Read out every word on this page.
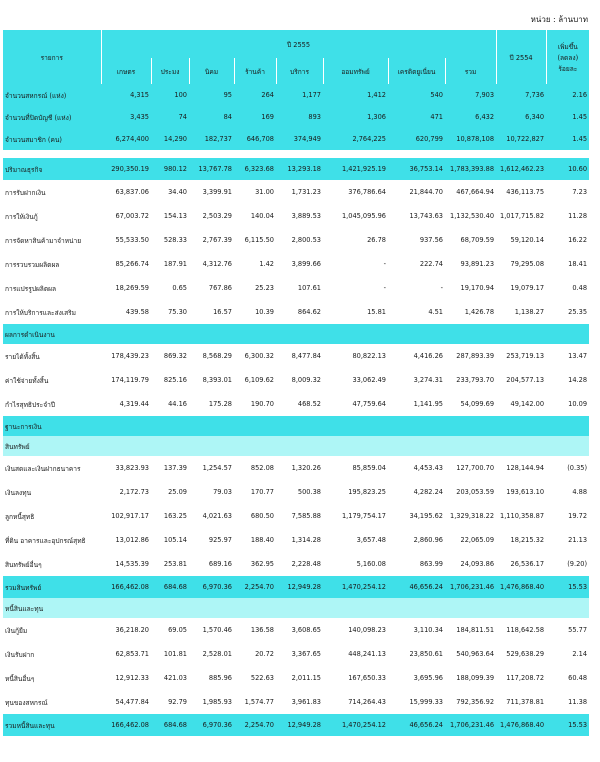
หน่วย : ล้านบาท
รายการ	ปี 2555								ปี 2554	เพิ่มขึ้น
(ลดลง)
ร้อยละ

	เกษตร	ประมง	นิคม	ร้านค้า	บริการ	ออมทรัพย์	เครดิตยูเนี่ยน	รวม		
จำนวนสหกรณ์ (แห่ง)	4,315	100	95	264	1,177	1,412	540	7,903	7,736	2.16
จำนวนที่ปิดบัญชี (แห่ง)	3,435	74	84	169	893	1,306	471	6,432	6,340	1.45
จำนวนสมาชิก (คน)	6,274,400	14,290	182,737	646,708	374,949	2,764,225	620,799	10,878,108	10,722,827	1.45

ปริมาณธุรกิจ	290,350.19	980.12	13,767.78	6,323.68	13,293.18	1,421,925.19	36,753.14	1,783,393.88	1,612,462.23	10.60
การรับฝากเงิน	63,837.06	34.40	3,399.91	31.00	1,731.23	376,786.64	21,844.70	467,664.94	436,113.75	7.23
การให้เงินกู้	67,003.72	154.13	2,503.29	140.04	3,889.53	1,045,095.96	13,743.63	1,132,530.40	1,017,715.82	11.28
การจัดหาสินค้ามาจำหน่าย	55,533.50	528.33	2,767.39	6,115.50	2,800.53	26.78	937.56	68,709.59	59,120.14	16.22
การรวบรวมผลิตผล	85,266.74	187.91	4,312.76	1.42	3,899.66	-	222.74	93,891.23	79,295.08	18.41
การแปรรูปผลิตผล	18,269.59	0.65	767.86	25.23	107.61	-	-	19,170.94	19,079.17	0.48
การให้บริการและส่งเสริม	439.58	75.30	16.57	10.39	864.62	15.81	4.51	1,426.78	1,138.27	25.35
ผลการดำเนินงาน										
รายได้ทั้งสิ้น	178,439.23	869.32	8,568.29	6,300.32	8,477.84	80,822.13	4,416.26	287,893.39	253,719.13	13.47
ค่าใช้จ่ายทั้งสิ้น	174,119.79	825.16	8,393.01	6,109.62	8,009.32	33,062.49	3,274.31	233,793.70	204,577.13	14.28
กำไรสุทธิประจำปี	4,319.44	44.16	175.28	190.70	468.52	47,759.64	1,141.95	54,099.69	49,142.00	10.09
ฐานะการเงิน										
สินทรัพย์										
เงินสดและเงินฝากธนาคาร	33,823.93	137.39	1,254.57	852.08	1,320.26	85,859.04	4,453.43	127,700.70	128,144.94	(0.35)
เงินลงทุน	2,172.73	25.09	79.03	170.77	500.38	195,823.25	4,282.24	203,053.59	193,613.10	4.88
ลูกหนี้สุทธิ	102,917.17	163.25	4,021.63	680.50	7,585.88	1,179,754.17	34,195.62	1,329,318.22	1,110,358.87	19.72
ที่ดิน อาคารและอุปกรณ์สุทธิ	13,012.86	105.14	925.97	188.40	1,314.28	3,657.48	2,860.96	22,065.09	18,215.32	21.13
สินทรัพย์อื่นๆ	14,535.39	253.81	689.16	362.95	2,228.48	5,160.08	863.99	24,093.86	26,536.17	(9.20)
รวมสินทรัพย์	166,462.08	684.68	6,970.36	2,254.70	12,949.28	1,470,254.12	46,656.24	1,706,231.46	1,476,868.40	15.53
หนี้สินและทุน										
เงินกู้ยืม	36,218.20	69.05	1,570.46	136.58	3,608.65	140,098.23	3,110.34	184,811.51	118,642.58	55.77
เงินรับฝาก	62,853.71	101.81	2,528.01	20.72	3,367.65	448,241.13	23,850.61	540,963.64	529,638.29	2.14
หนี้สินอื่นๆ	12,912.33	421.03	885.96	522.63	2,011.15	167,650.33	3,695.96	188,099.39	117,208.72	60.48
ทุนของสหกรณ์	54,477.84	92.79	1,985.93	1,574.77	3,961.83	714,264.43	15,999.33	792,356.92	711,378.81	11.38
รวมหนี้สินและทุน	166,462.08	684.68	6,970.36	2,254.70	12,949.28	1,470,254.12	46,656.24	1,706,231.46	1,476,868.40	15.53
